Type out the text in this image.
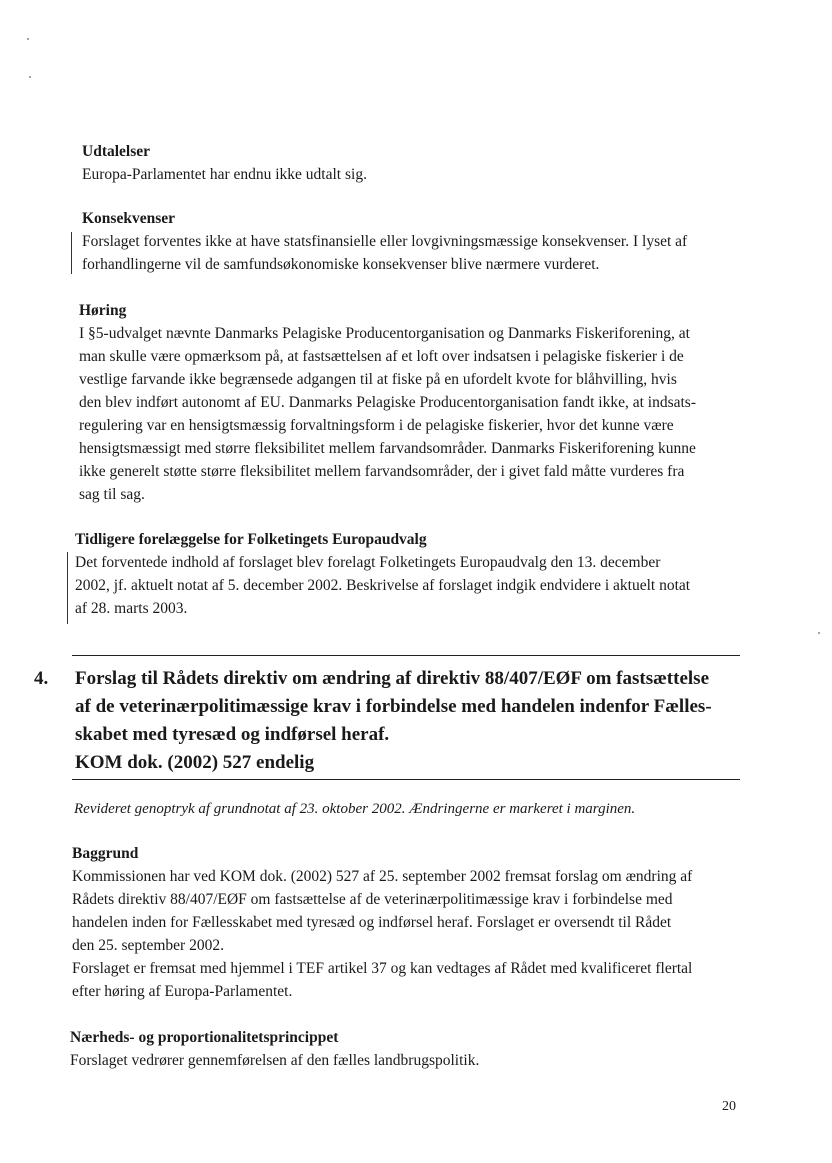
Udtalelser
Europa-Parlamentet har endnu ikke udtalt sig.
Konsekvenser
Forslaget forventes ikke at have statsfinansielle eller lovgivningsmæssige konsekvenser. I lyset af
forhandlingerne vil de samfundsøkonomiske konsekvenser blive nærmere vurderet.
Høring
I §5-udvalget nævnte Danmarks Pelagiske Producentorganisation og Danmarks Fiskeriforening, at
man skulle være opmærksom på, at fastsættelsen af et loft over indsatsen i pelagiske fiskerier i de
vestlige farvande ikke begrænsede adgangen til at fiske på en ufordelt kvote for blåhvilling, hvis
den blev indført autonomt af EU. Danmarks Pelagiske Producentorganisation fandt ikke, at indsats-
regulering var en hensigtsmæssig forvaltningsform i de pelagiske fiskerier, hvor det kunne være
hensigtsmæssigt med større fleksibilitet mellem farvandsområder. Danmarks Fiskeriforening kunne
ikke generelt støtte større fleksibilitet mellem farvandsområder, der i givet fald måtte vurderes fra
sag til sag.
Tidligere forelæggelse for Folketingets Europaudvalg
Det forventede indhold af forslaget blev forelagt Folketingets Europaudvalg den 13. december
2002, jf. aktuelt notat af 5. december 2002. Beskrivelse af forslaget indgik endvidere i aktuelt notat
af 28. marts 2003.
4. Forslag til Rådets direktiv om ændring af direktiv 88/407/EØF om fastsættelse
af de veterinærpolitimæssige krav i forbindelse med handelen indenfor Fælles-
skabet med tyresæd og indførsel heraf.
KOM dok. (2002) 527 endelig
Revideret genoptryk af grundnotat af 23. oktober 2002. Ændringerne er markeret i marginen.
Baggrund
Kommissionen har ved KOM dok. (2002) 527 af 25. september 2002 fremsat forslag om ændring af
Rådets direktiv 88/407/EØF om fastsættelse af de veterinærpolitimæssige krav i forbindelse med
handelen inden for Fællesskabet med tyresæd og indførsel heraf. Forslaget er oversendt til Rådet
den 25. september 2002.
Forslaget er fremsat med hjemmel i TEF artikel 37 og kan vedtages af Rådet med kvalificeret flertal
efter høring af Europa-Parlamentet.
Nærheds- og proportionalitetsprincippet
Forslaget vedrører gennemførelsen af den fælles landbrugspolitik.
20
